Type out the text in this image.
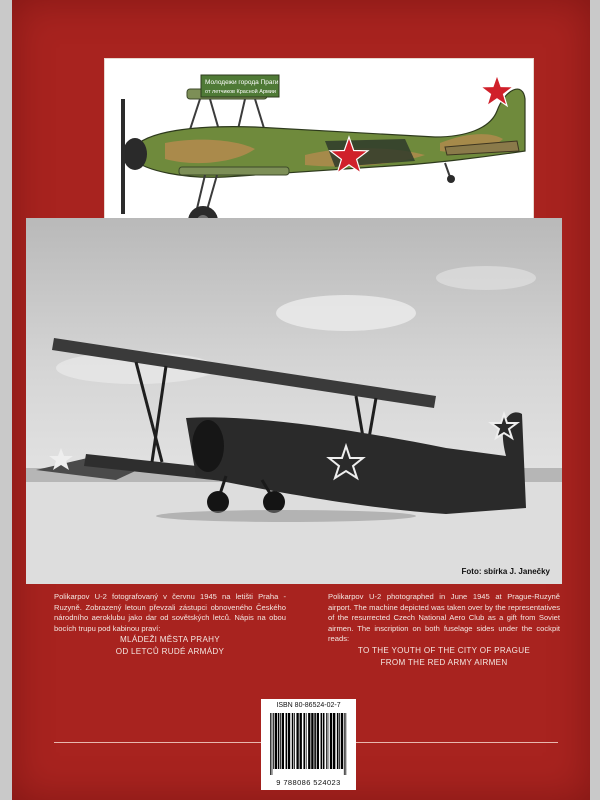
Молодежи города Праги
от летчиков Красной Армии
Foto: sbírka J. Janečky
Polikarpov U-2 fotografovaný v červnu 1945 na letišti Praha - Ruzyně. Zobrazený letoun převzali zástupci obnoveného Českého národního aeroklubu jako dar od sovětských letců. Nápis na obou bocích trupu pod kabinou praví:
MLÁDEŽI MĚSTA PRAHY
OD LETCŮ RUDÉ ARMÁDY
Polikarpov U-2 photographed in June 1945 at Prague-Ruzyně airport. The machine depicted was taken over by the representatives of the resurrected Czech National Aero Club as a gift from Soviet airmen. The inscription on both fuselage sides under the cockpit reads:
TO THE YOUTH OF THE CITY OF PRAGUE
FROM THE RED ARMY AIRMEN
ISBN 80-86524-02-7
9 788086 524023
